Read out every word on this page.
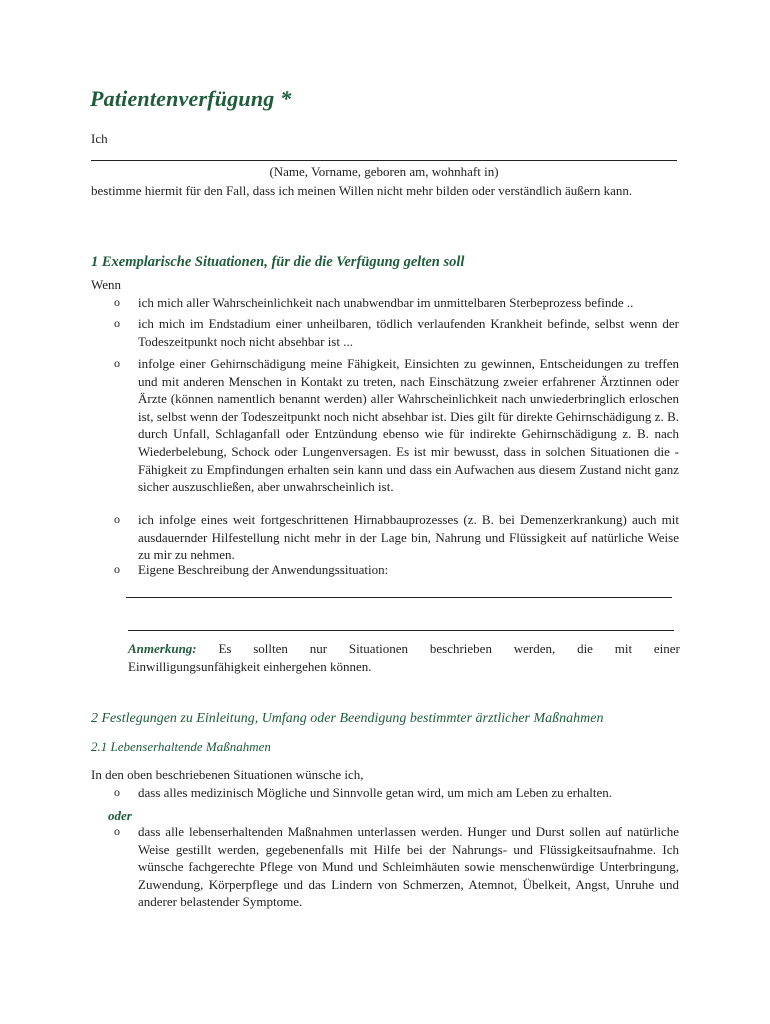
Patientenverfügung *
Ich
(Name, Vorname, geboren am, wohnhaft in)
bestimme hiermit für den Fall, dass ich meinen Willen nicht mehr bilden oder verständlich äußern kann.
1 Exemplarische Situationen, für die die Verfügung gelten soll
Wenn
o ich mich aller Wahrscheinlichkeit nach unabwendbar im unmittelbaren Sterbeprozess befinde ..
o ich mich im Endstadium einer unheilbaren, tödlich verlaufenden Krankheit befinde, selbst wenn der Todeszeitpunkt noch nicht absehbar ist ...
o infolge einer Gehirnschädigung meine Fähigkeit, Einsichten zu gewinnen, Entscheidungen zu treffen und mit anderen Menschen in Kontakt zu treten, nach Einschätzung zweier erfahrener Ärztinnen oder Ärzte (können namentlich benannt werden) aller Wahrscheinlichkeit nach unwiederbringlich erloschen ist, selbst wenn der Todeszeitpunkt noch nicht absehbar ist. Dies gilt für direkte Gehirnschädigung z. B. durch Unfall, Schlaganfall oder Entzündung ebenso wie für indirekte Gehirnschädigung z. B. nach Wiederbelebung, Schock oder Lungenversagen. Es ist mir bewusst, dass in solchen Situationen die -Fähigkeit zu Empfindungen erhalten sein kann und dass ein Aufwachen aus diesem Zustand nicht ganz sicher auszuschließen, aber unwahrscheinlich ist.
o ich infolge eines weit fortgeschrittenen Hirnabbauprozesses (z. B. bei Demenzerkrankung) auch mit ausdauernder Hilfestellung nicht mehr in der Lage bin, Nahrung und Flüssigkeit auf natürliche Weise zu mir zu nehmen.
o Eigene Beschreibung der Anwendungssituation:
Anmerkung: Es sollten nur Situationen beschrieben werden, die mit einer
Einwilligungsunfähigkeit einhergehen können.
2 Festlegungen zu Einleitung, Umfang oder Beendigung bestimmter ärztlicher Maßnahmen
2.1 Lebenserhaltende Maßnahmen
In den oben beschriebenen Situationen wünsche ich,
o dass alles medizinisch Mögliche und Sinnvolle getan wird, um mich am Leben zu erhalten.
oder
o dass alle lebenserhaltenden Maßnahmen unterlassen werden. Hunger und Durst sollen auf natürliche Weise gestillt werden, gegebenenfalls mit Hilfe bei der Nahrungs- und Flüssigkeitsaufnahme. Ich wünsche fachgerechte Pflege von Mund und Schleimhäuten sowie menschenwürdige Unterbringung, Zuwendung, Körperpflege und das Lindern von Schmerzen, Atemnot, Übelkeit, Angst, Unruhe und anderer belastender Symptome.
